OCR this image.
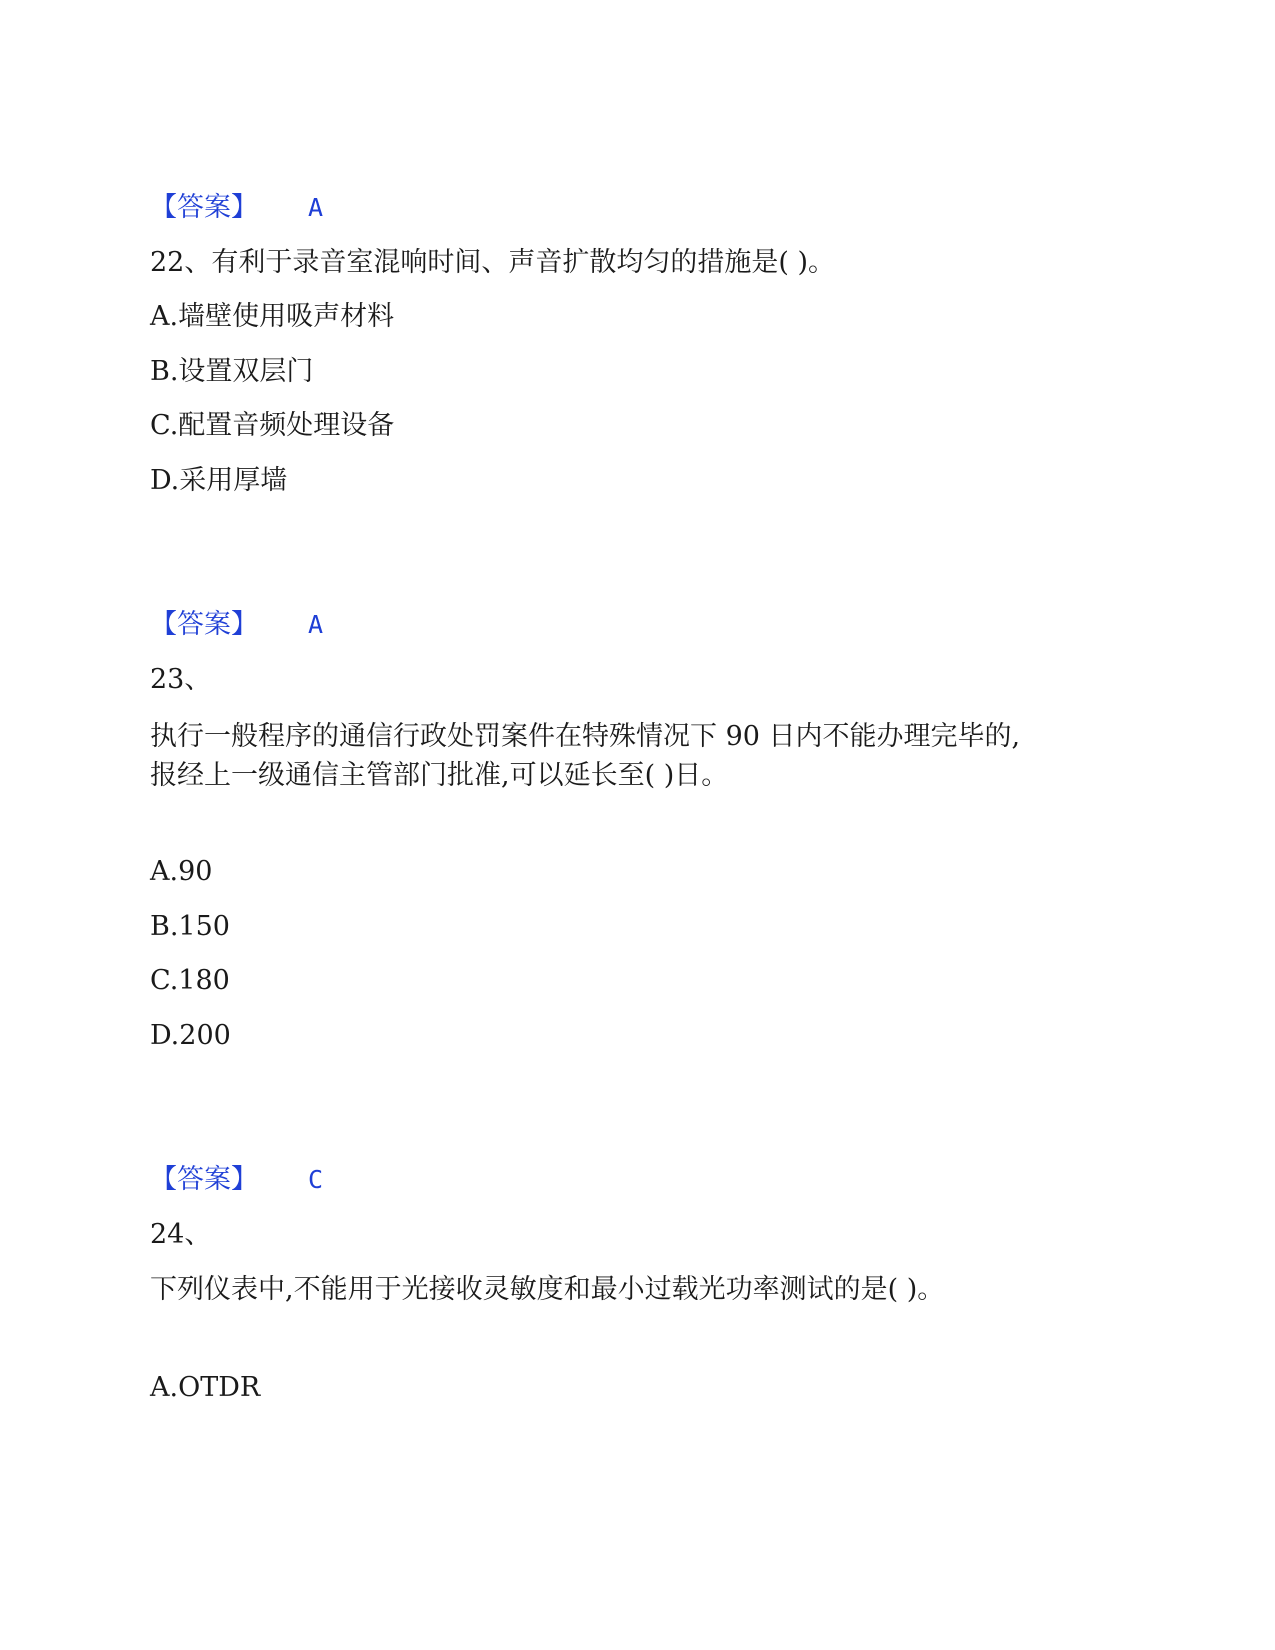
【答案】 A
22、有利于录音室混响时间、声音扩散均匀的措施是( )。
A.墙壁使用吸声材料
B.设置双层门
C.配置音频处理设备
D.采用厚墙
【答案】 A
23、
执行一般程序的通信行政处罚案件在特殊情况下 90 日内不能办理完毕的,
报经上一级通信主管部门批准,可以延长至( )日。
A.90
B.150
C.180
D.200
【答案】 C
24、
下列仪表中,不能用于光接收灵敏度和最小过载光功率测试的是( )。
A.OTDR
